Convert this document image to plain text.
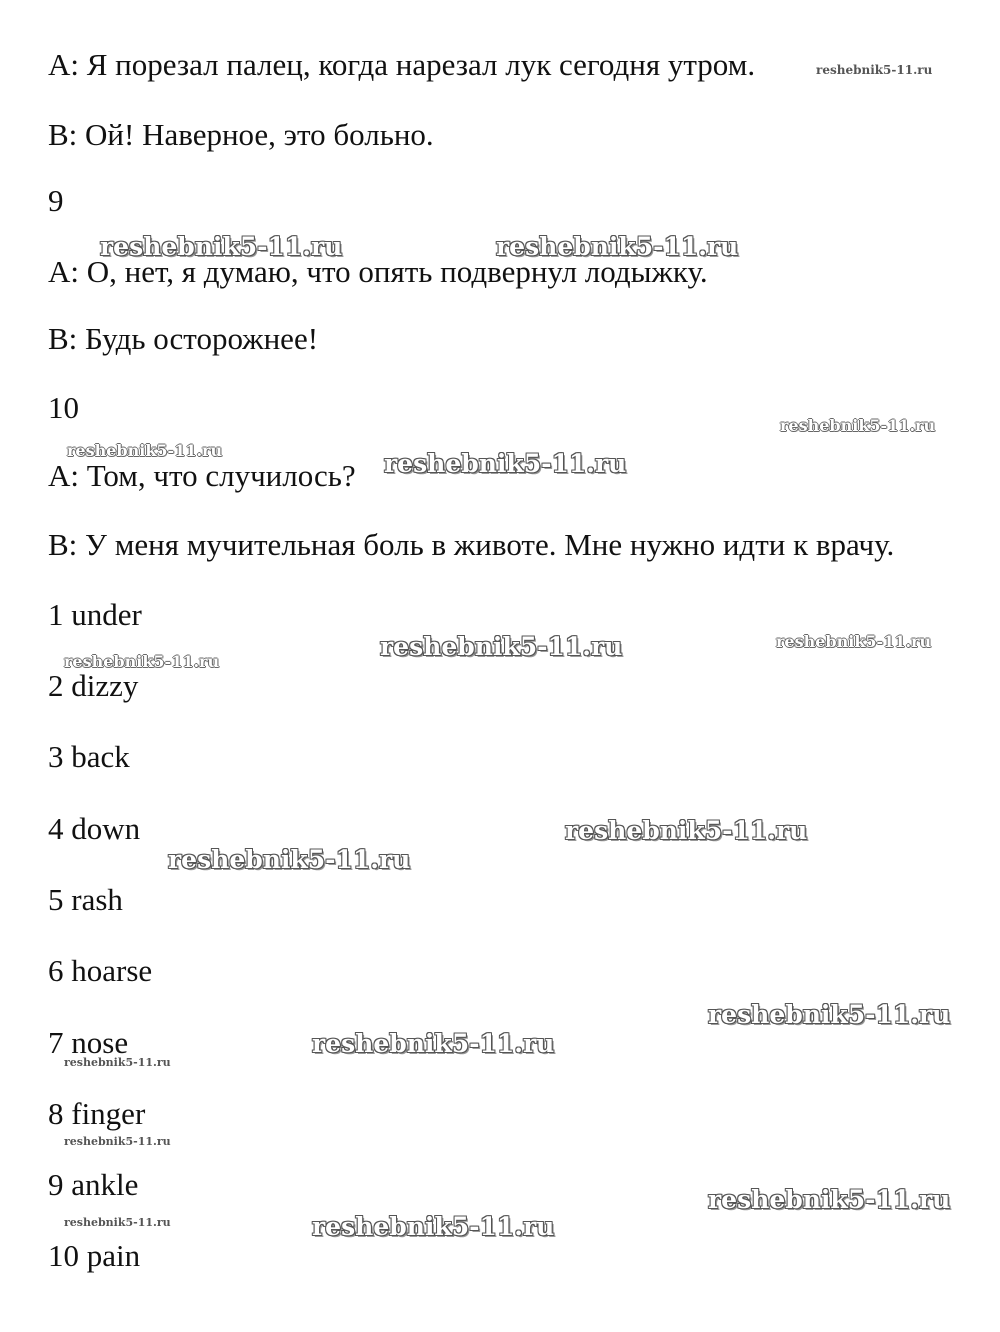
A: Я порезал палец, когда нарезал лук сегодня утром.	reshebnik5-11.ru
B: Ой! Наверное, это больно.
9
A: О, нет, я думаю, что опять подвернул лодыжку.
B: Будь осторожнее!
10
A: Том, что случилось?
B: У меня мучительная боль в животе. Мне нужно идти к врачу.
1 under
2 dizzy
3 back
4 down
5 rash
6 hoarse
7 nose
8 finger
9 ankle
10 pain
reshebnik5-11.ru	reshebnik5-11.ru
reshebnik5-11.ru
reshebnik5-11.ru	reshebnik5-11.ru
reshebnik5-11.ru	reshebnik5-11.ru
reshebnik5-11.ru
reshebnik5-11.ru
reshebnik5-11.ru
reshebnik5-11.ru
reshebnik5-11.ru
reshebnik5-11.ru
reshebnik5-11.ru
reshebnik5-11.ru
reshebnik5-11.ru	reshebnik5-11.ru
